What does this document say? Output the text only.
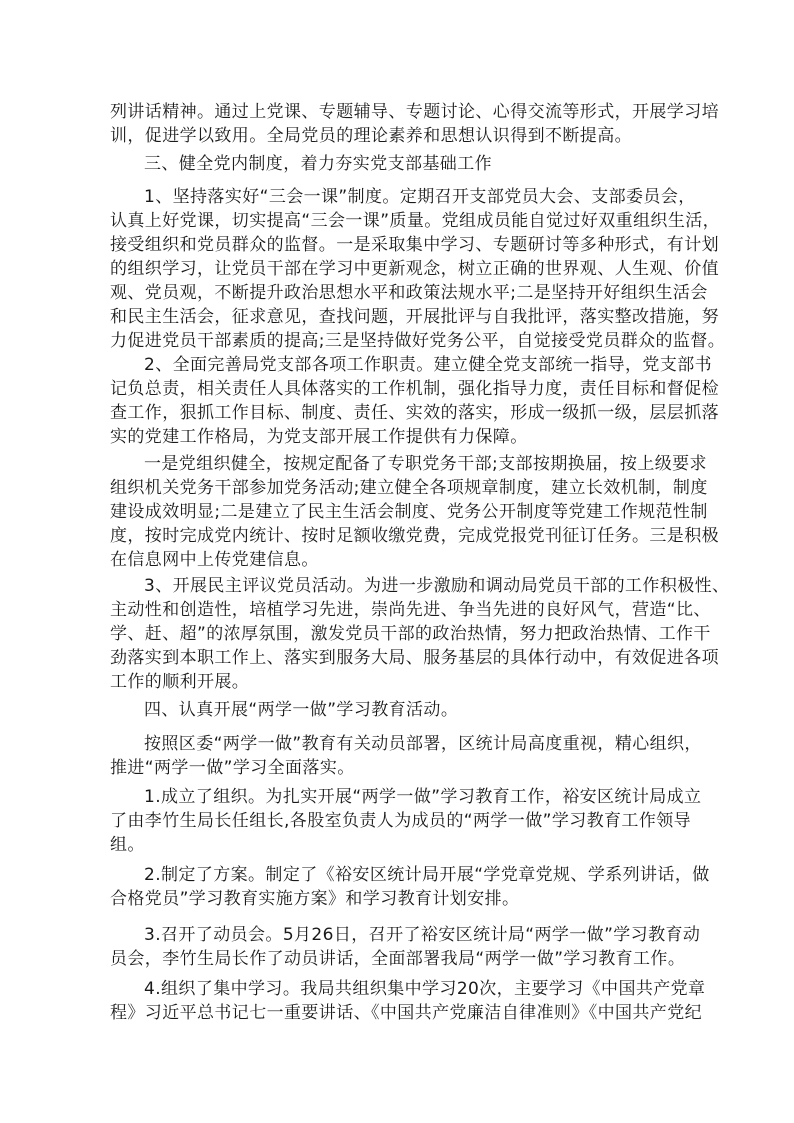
列讲话精神。通过上党课、专题辅导、专题讨论、心得交流等形式，开展学习培
训，促进学以致用。全局党员的理论素养和思想认识得到不断提高。
三、健全党内制度，着力夯实党支部基础工作
1、坚持落实好“三会一课”制度。定期召开支部党员大会、支部委员会，
认真上好党课，切实提高“三会一课”质量。党组成员能自觉过好双重组织生活，
接受组织和党员群众的监督。一是采取集中学习、专题研讨等多种形式，有计划
的组织学习，让党员干部在学习中更新观念，树立正确的世界观、人生观、价值
观、党员观，不断提升政治思想水平和政策法规水平;二是坚持开好组织生活会
和民主生活会，征求意见，查找问题，开展批评与自我批评，落实整改措施，努
力促进党员干部素质的提高;三是坚持做好党务公平，自觉接受党员群众的监督。
2、全面完善局党支部各项工作职责。建立健全党支部统一指导，党支部书
记负总责，相关责任人具体落实的工作机制，强化指导力度，责任目标和督促检
查工作，狠抓工作目标、制度、责任、实效的落实，形成一级抓一级，层层抓落
实的党建工作格局，为党支部开展工作提供有力保障。
一是党组织健全，按规定配备了专职党务干部;支部按期换届，按上级要求
组织机关党务干部参加党务活动;建立健全各项规章制度，建立长效机制，制度
建设成效明显;二是建立了民主生活会制度、党务公开制度等党建工作规范性制
度，按时完成党内统计、按时足额收缴党费，完成党报党刊征订任务。三是积极
在信息网中上传党建信息。
3、开展民主评议党员活动。为进一步激励和调动局党员干部的工作积极性、
主动性和创造性，培植学习先进，崇尚先进、争当先进的良好风气，营造“比、
学、赶、超”的浓厚氛围，激发党员干部的政治热情，努力把政治热情、工作干
劲落实到本职工作上、落实到服务大局、服务基层的具体行动中，有效促进各项
工作的顺利开展。
四、认真开展“两学一做”学习教育活动。
按照区委“两学一做”教育有关动员部署，区统计局高度重视，精心组织，
推进“两学一做”学习全面落实。
1.成立了组织。为扎实开展“两学一做”学习教育工作，裕安区统计局成立
了由李竹生局长任组长,各股室负责人为成员的“两学一做”学习教育工作领导
组。
2.制定了方案。制定了《裕安区统计局开展“学党章党规、学系列讲话，做
合格党员”学习教育实施方案》和学习教育计划安排。
3.召开了动员会。5月26日，召开了裕安区统计局“两学一做”学习教育动
员会，李竹生局长作了动员讲话，全面部署我局“两学一做”学习教育工作。
4.组织了集中学习。我局共组织集中学习20次，主要学习《中国共产党章
程》习近平总书记七一重要讲话、《中国共产党廉洁自律准则》《中国共产党纪
